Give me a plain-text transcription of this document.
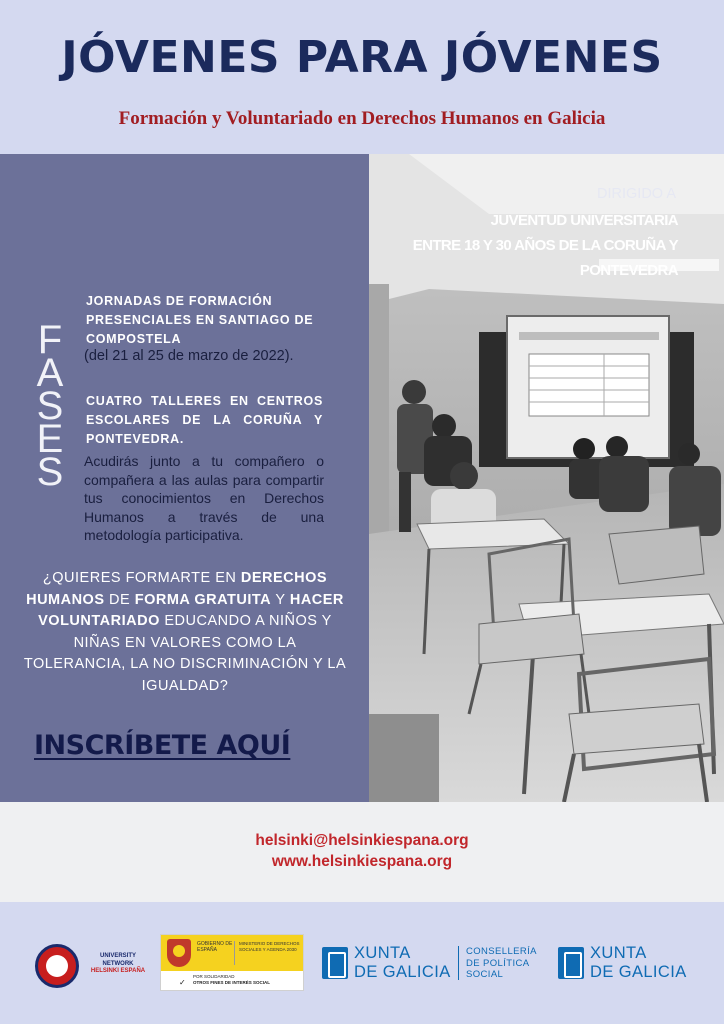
JÓVENES PARA JÓVENES
Formación y Voluntariado en Derechos Humanos en Galicia
DIRIGIDO A
JUVENTUD UNIVERSITARIA
ENTRE 18 Y 30 AÑOS DE LA CORUÑA Y
PONTEVEDRA
F
A
S
E
S
JORNADAS DE FORMACIÓN PRESENCIALES EN SANTIAGO DE COMPOSTELA
(del 21 al 25 de marzo de 2022).
CUATRO TALLERES EN CENTROS ESCOLARES DE LA CORUÑA Y PONTEVEDRA.
Acudirás junto a tu compañero o compañera a las aulas para compartir tus conocimientos en Derechos Humanos a través de una metodología participativa.
¿QUIERES FORMARTE EN DERECHOS HUMANOS DE FORMA GRATUITA Y HACER VOLUNTARIADO EDUCANDO A NIÑOS Y NIÑAS EN VALORES COMO LA TOLERANCIA, LA NO DISCRIMINACIÓN Y LA IGUALDAD?
INSCRÍBETE AQUÍ
helsinki@helsinkiespana.org
www.helsinkiespana.org
UNIVERSITY
NETWORK
HELSINKI ESPAÑA
GOBIERNO DE ESPAÑA
MINISTERIO DE DERECHOS SOCIALES Y AGENDA 2030
✓
POR SOLIDARIDAD
OTROS FINES DE INTERÉS SOCIAL
XUNTA
DE GALICIA
CONSELLERÍA
DE POLÍTICA
SOCIAL
XUNTA
DE GALICIA
